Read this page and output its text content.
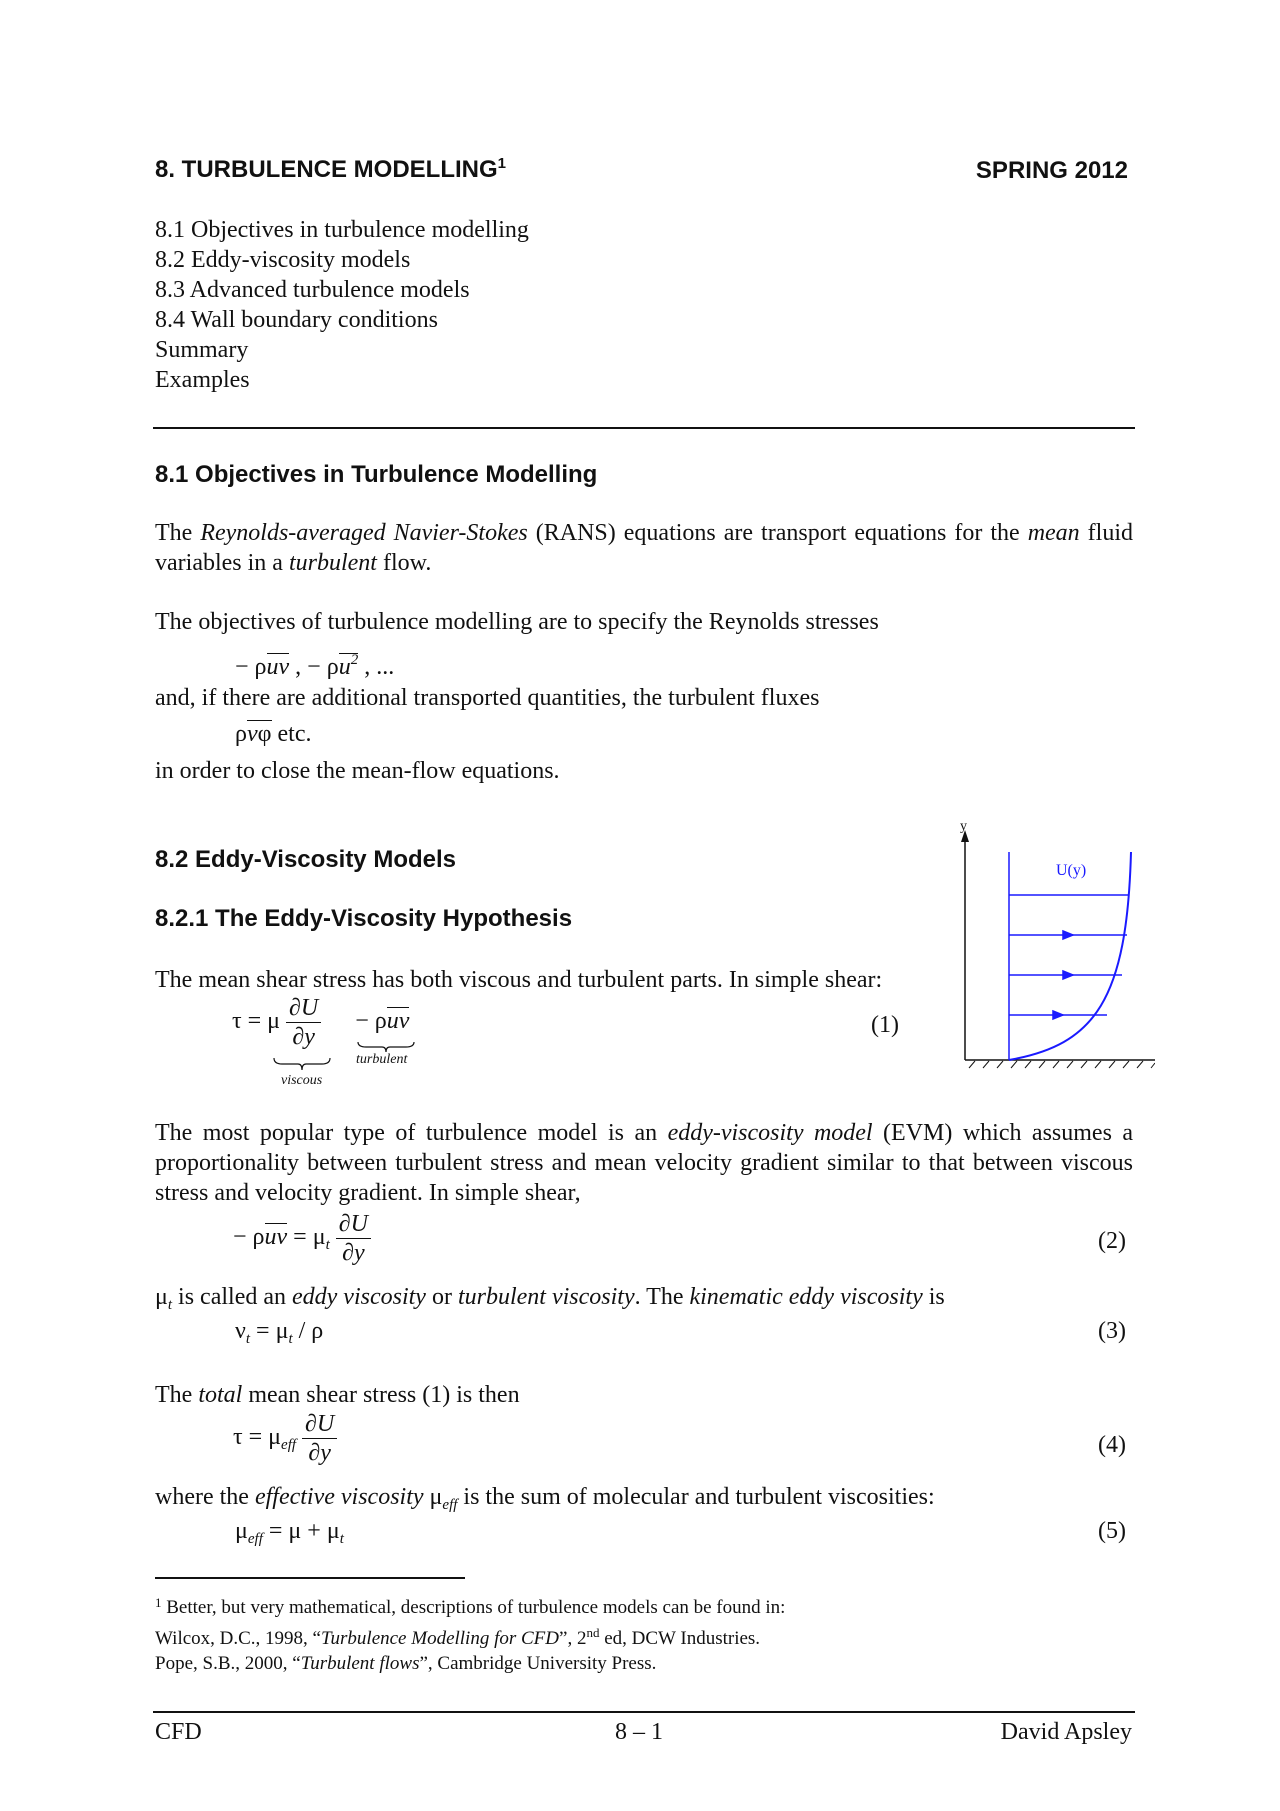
8. TURBULENCE MODELLING$^1$	SPRING 2012
8.1 Objectives in turbulence modelling
8.2 Eddy-viscosity models
8.3 Advanced turbulence models
8.4 Wall boundary conditions
Summary
Examples
8.1 Objectives in Turbulence Modelling
The Reynolds-averaged Navier-Stokes (RANS) equations are transport equations for the mean fluid variables in a turbulent flow.
The objectives of turbulence modelling are to specify the Reynolds stresses
− ρuv , − $\rho u^2$ , ...
and, if there are additional transported quantities, the turbulent fluxes
ρvφ etc.
in order to close the mean-flow equations.
8.2 Eddy-Viscosity Models
8.2.1 The Eddy-Viscosity Hypothesis
The mean shear stress has both viscous and turbulent parts. In simple shear:
τ = μ $\frac{\partial U}{\partial y} - \rho uv$
viscous
turbulent
(1)
y
U(y)
The most popular type of turbulence model is an eddy-viscosity model (EVM) which assumes a proportionality between turbulent stress and mean velocity gradient similar to that between viscous stress and velocity gradient. In simple shear,
− $\rho uv = \mu_t \frac{\partial U}{\partial y}$	(2)
$\mu_t$ is called an eddy viscosity or turbulent viscosity. The kinematic eddy viscosity is
$\nu_t = \mu_t / \rho$	(3)
The total mean shear stress (1) is then
$\tau = \mu_{eff} \frac{\partial U}{\partial y}$	(4)
where the effective viscosity $\mu_{eff}$ is the sum of molecular and turbulent viscosities:
$\mu_{eff} = \mu + \mu_t$	(5)
$^1$ Better, but very mathematical, descriptions of turbulence models can be found in:
Wilcox, D.C., 1998, “Turbulence Modelling for CFD”, 2nd ed, DCW Industries.
Pope, S.B., 2000, “Turbulent flows”, Cambridge University Press.
CFD	8 – 1	David Apsley
